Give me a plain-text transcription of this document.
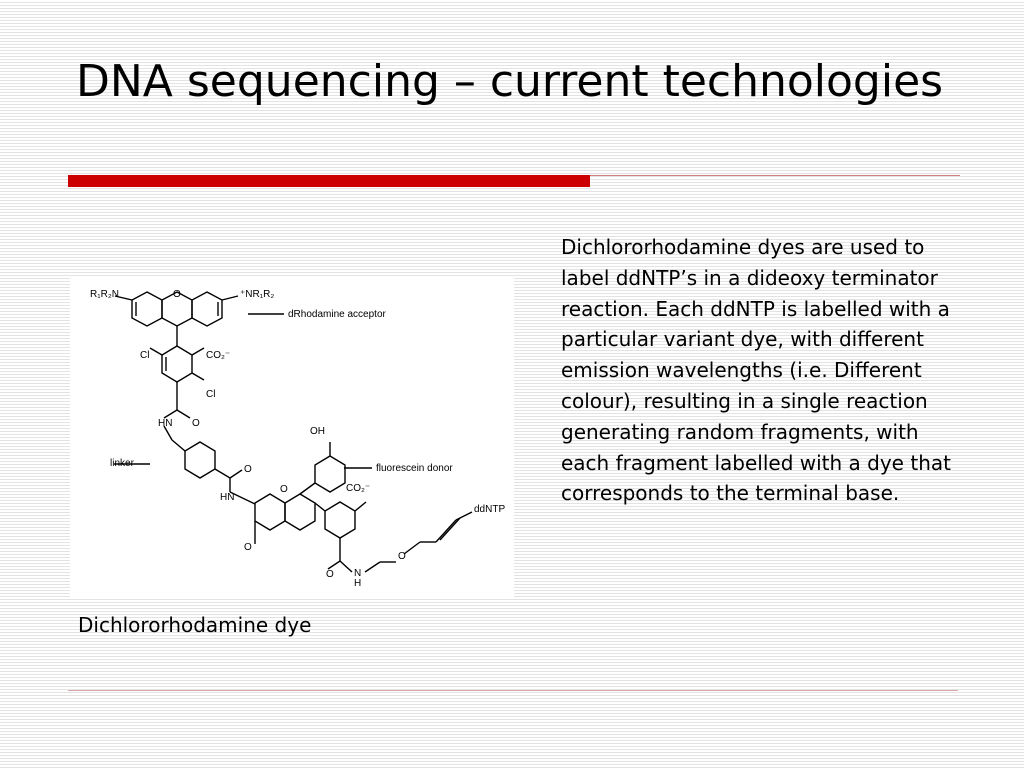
DNA sequencing – current technologies
R₁R₂N	O	⁺NR₁R₂
dRhodamine acceptor
Cl	CO₂⁻
Cl
HN O
linker
O
HN
OH
fluorescein donor
O	CO₂⁻
O
O N
H
O
ddNTP
Dichlororhodamine dye

Dichlororhodamine dyes are used to label ddNTP’s in a dideoxy terminator reaction. Each ddNTP is labelled with a particular variant dye, with different emission wavelengths (i.e. Different colour), resulting in a single reaction generating random fragments, with each fragment labelled with a dye that corresponds to the terminal base.
